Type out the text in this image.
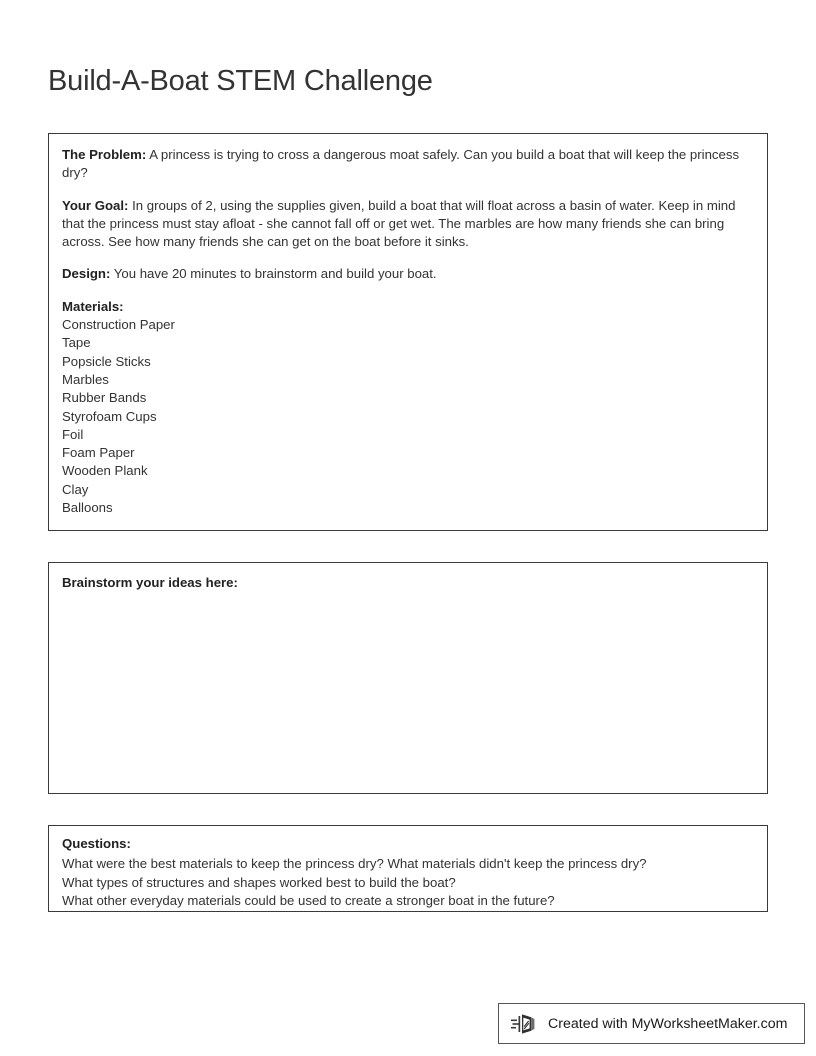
Build-A-Boat STEM Challenge

The Problem: A princess is trying to cross a dangerous moat safely. Can you build a boat that will keep the princess dry?

Your Goal: In groups of 2, using the supplies given, build a boat that will float across a basin of water. Keep in mind that the princess must stay afloat - she cannot fall off or get wet. The marbles are how many friends she can bring across. See how many friends she can get on the boat before it sinks.

Design: You have 20 minutes to brainstorm and build your boat.

Materials:

Construction Paper
Tape
Popsicle Sticks
Marbles
Rubber Bands
Styrofoam Cups
Foil
Foam Paper
Wooden Plank
Clay
Balloons

Brainstorm your ideas here:

Questions:

What were the best materials to keep the princess dry? What materials didn't keep the princess dry?

What types of structures and shapes worked best to build the boat?

What other everyday materials could be used to create a stronger boat in the future?

Created with MyWorksheetMaker.com
